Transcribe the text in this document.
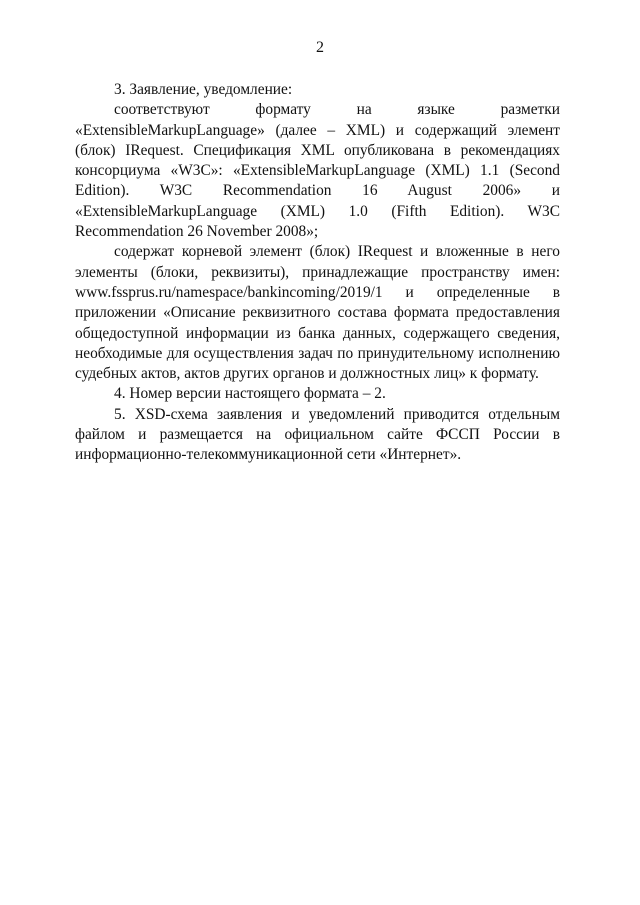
2

3. Заявление, уведомление:

соответствуют формату на языке разметки «ExtensibleMarkupLanguage» (далее – XML) и содержащий элемент (блок) IRequest. Спецификация XML опубликована в рекомендациях консорциума «W3C»: «ExtensibleMarkupLanguage (XML) 1.1 (Second Edition). W3C Recommendation 16 August 2006» и «ExtensibleMarkupLanguage (XML) 1.0 (Fifth Edition). W3C Recommendation 26 November 2008»;

содержат корневой элемент (блок) IRequest и вложенные в него элементы (блоки, реквизиты), принадлежащие пространству имен: www.fssprus.ru/namespace/bankincoming/2019/1 и определенные в приложении «Описание реквизитного состава формата предоставления общедоступной информации из банка данных, содержащего сведения, необходимые для осуществления задач по принудительному исполнению судебных актов, актов других органов и должностных лиц» к формату.

4. Номер версии настоящего формата – 2.

5. XSD-схема заявления и уведомлений приводится отдельным файлом и размещается на официальном сайте ФССП России в информационно-телекоммуникационной сети «Интернет».
